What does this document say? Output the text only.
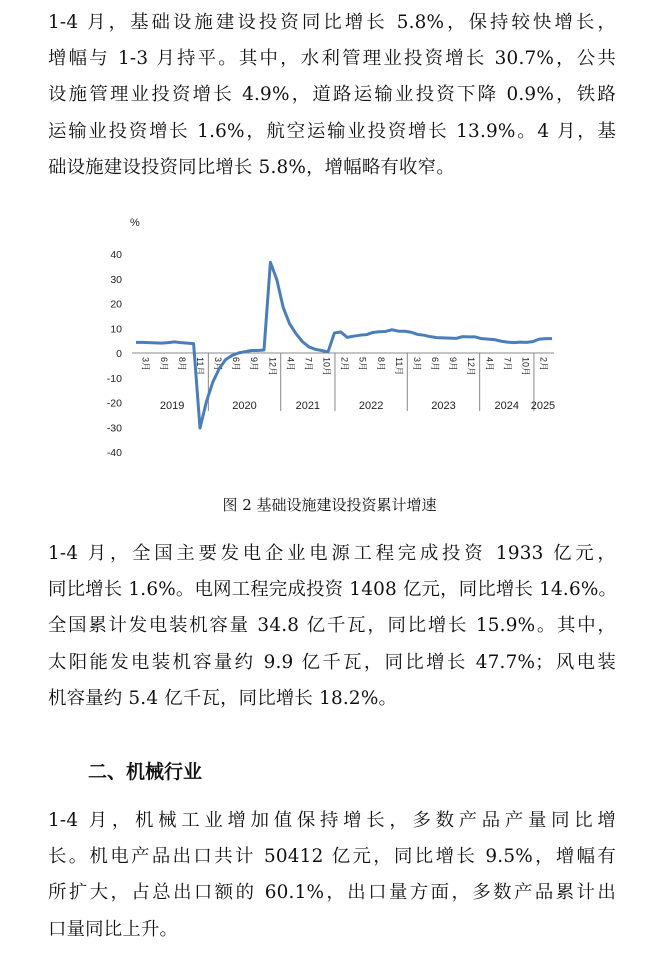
1-4 月，基础设施建设投资同比增长 5.8%，保持较快增长，
增幅与 1-3 月持平。其中，水利管理业投资增长 30.7%，公共
设施管理业投资增长 4.9%，道路运输业投资下降 0.9%，铁路
运输业投资增长 1.6%，航空运输业投资增长 13.9%。4 月，基
础设施建设投资同比增长 5.8%，增幅略有收窄。
%
40
30
20
10
0
-10
-20
-30
-40
3月 6月 8月 11月
2019
3月 6月 9月 12月
2020
4月 7月 10月
2021
2月 5月 8月 11月
2022
3月 6月 9月 12月
2023
4月 7月 10月
2024
2月
2025

图 2 基础设施建设投资累计增速

1-4 月，全国主要发电企业电源工程完成投资 1933 亿元，
同比增长 1.6%。电网工程完成投资 1408 亿元，同比增长 14.6%。
全国累计发电装机容量 34.8 亿千瓦，同比增长 15.9%。其中，
太阳能发电装机容量约 9.9 亿千瓦，同比增长 47.7%；风电装
机容量约 5.4 亿千瓦，同比增长 18.2%。
二、机械行业
1-4 月，机械工业增加值保持增长，多数产品产量同比增
长。机电产品出口共计 50412 亿元，同比增长 9.5%，增幅有
所扩大，占总出口额的 60.1%，出口量方面，多数产品累计出
口量同比上升。
